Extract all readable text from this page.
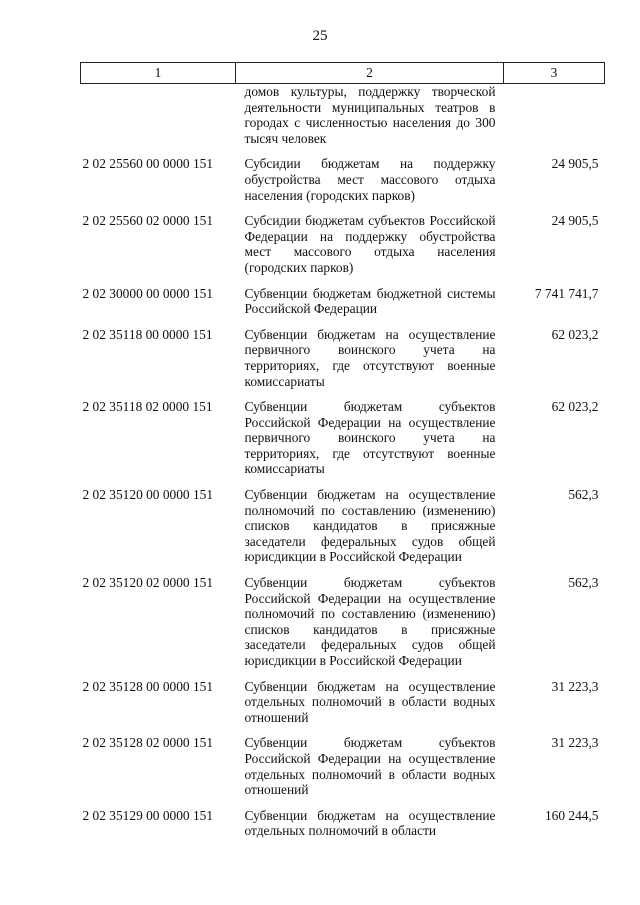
25
1	2	3
	домов культуры, поддержку творческой деятельности муниципальных театров в городах с численностью населения до 300 тысяч человек	
2 02 25560 00 0000 151	Субсидии бюджетам на поддержку обустройства мест массового отдыха населения (городских парков)	24 905,5
2 02 25560 02 0000 151	Субсидии бюджетам субъектов Российской Федерации на поддержку обустройства мест массового отдыха населения (городских парков)	24 905,5
2 02 30000 00 0000 151	Субвенции бюджетам бюджетной системы Российской Федерации	7 741 741,7
2 02 35118 00 0000 151	Субвенции бюджетам на осуществление первичного воинского учета на территориях, где отсутствуют военные комиссариаты	62 023,2
2 02 35118 02 0000 151	Субвенции бюджетам субъектов Российской Федерации на осуществление первичного воинского учета на территориях, где отсутствуют военные комиссариаты	62 023,2
2 02 35120 00 0000 151	Субвенции бюджетам на осуществление полномочий по составлению (изменению) списков кандидатов в присяжные заседатели федеральных судов общей юрисдикции в Российской Федерации	562,3
2 02 35120 02 0000 151	Субвенции бюджетам субъектов Российской Федерации на осуществление полномочий по составлению (изменению) списков кандидатов в присяжные заседатели федеральных судов общей юрисдикции в Российской Федерации	562,3
2 02 35128 00 0000 151	Субвенции бюджетам на осуществление отдельных полномочий в области водных отношений	31 223,3
2 02 35128 02 0000 151	Субвенции бюджетам субъектов Российской Федерации на осуществление отдельных полномочий в области водных отношений	31 223,3
2 02 35129 00 0000 151	Субвенции бюджетам на осуществление отдельных полномочий в области	160 244,5
